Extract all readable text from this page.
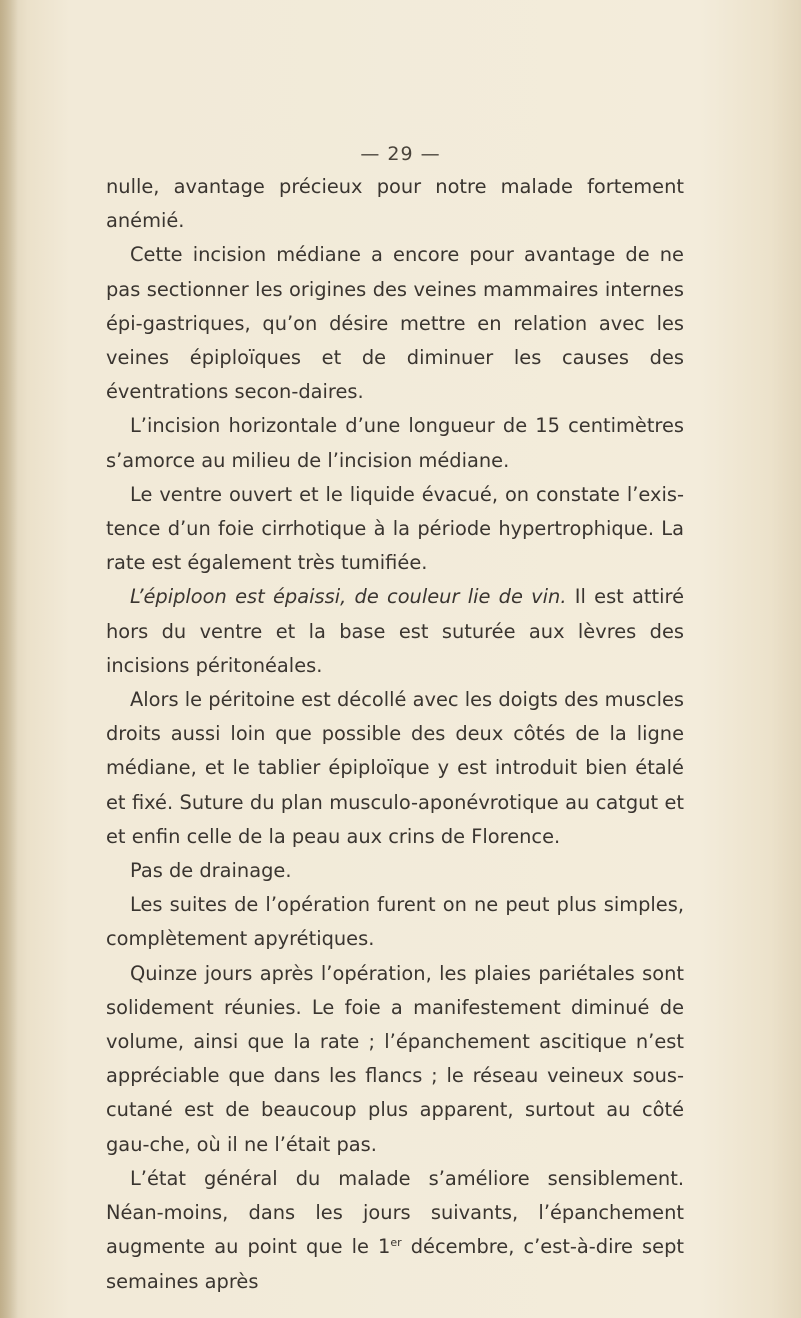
— 29 —

nulle, avantage précieux pour notre malade fortement anémié.

Cette incision médiane a encore pour avantage de ne pas sectionner les origines des veines mammaires internes épi-gastriques, qu’on désire mettre en relation avec les veines épiploïques et de diminuer les causes des éventrations secon-daires.

L’incision horizontale d’une longueur de 15 centimètres s’amorce au milieu de l’incision médiane.

Le ventre ouvert et le liquide évacué, on constate l’exis-tence d’un foie cirrhotique à la période hypertrophique. La rate est également très tumifiée.

L’épiploon est épaissi, de couleur lie de vin. Il est attiré hors du ventre et la base est suturée aux lèvres des incisions péritonéales.

Alors le péritoine est décollé avec les doigts des muscles droits aussi loin que possible des deux côtés de la ligne médiane, et le tablier épiploïque y est introduit bien étalé et fixé. Suture du plan musculo-aponévrotique au catgut et et enfin celle de la peau aux crins de Florence.

Pas de drainage.

Les suites de l’opération furent on ne peut plus simples, complètement apyrétiques.

Quinze jours après l’opération, les plaies pariétales sont solidement réunies. Le foie a manifestement diminué de volume, ainsi que la rate ; l’épanchement ascitique n’est appréciable que dans les flancs ; le réseau veineux sous-cutané est de beaucoup plus apparent, surtout au côté gau-che, où il ne l’était pas.

L’état général du malade s’améliore sensiblement. Néan-moins, dans les jours suivants, l’épanchement augmente au point que le 1er décembre, c’est-à-dire sept semaines après
